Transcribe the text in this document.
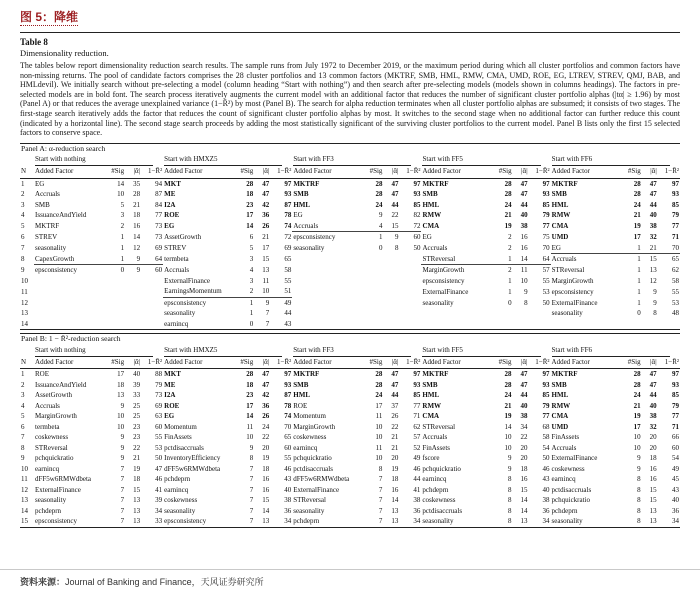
图 5：降维
Table 8
Dimensionality reduction.

The tables below report dimensionality reduction search results. The sample runs from July 1972 to December 2019, or the maximum period during which all cluster portfolios and common factors have non-missing returns. The pool of candidate factors comprises the 28 cluster portfolios and 13 common factors (MKTRF, SMB, HML, RMW, CMA, UMD, ROE, EG, LTREV, STREV, QMJ, BAB, and HMLdevil). We initially search without pre-selecting a model (column heading “Start with nothing”) and then search after pre-selecting models (models shown in columns headings). The factors in pre-selected models are in bold font. The search process iteratively augments the current model with an additional factor that reduces the number of significant cluster portfolio alphas (|tα| ≥ 1.96) by most (Panel A) or that reduces the average unexplained variance (1−R̄²) by most (Panel B). The search for alpha reduction terminates when all cluster portfolio alphas are subsumed; it consists of two stages. The first-stage search iteratively adds the factor that reduces the count of significant cluster portfolio alphas by most. It switches to the second stage when no additional factor can further reduce this count (indicated by a horizontal line). The second stage search proceeds by adding the most statistically significant of the surviving cluster portfolios to the current model. Panel B lists only the first 15 selected factors to conserve space.

Panel A: α-reduction search																				

	Start with nothing				Start with HMXZ5				Start with FF3				Start with FF5				Start with FF6			

N	Added Factor	#Sig	|ᾱ|	1−R̄²	Added Factor	#Sig	|ᾱ|	1−R̄²	Added Factor	#Sig	|ᾱ|	1−R̄²	Added Factor	#Sig	|ᾱ|	1−R̄²	Added Factor	#Sig	|ᾱ|	1−R̄²
1	EG	14	35	94	MKT	28	47	97	MKTRF	28	47	97	MKTRF	28	47	97	MKTRF	28	47	97
2	Accruals	10	28	87	ME	18	47	93	SMB	28	47	93	SMB	28	47	93	SMB	28	47	93
3	SMB	5	21	84	I2A	23	42	87	HML	24	44	85	HML	24	44	85	HML	24	44	85
4	IssuanceAndYield	3	18	77	ROE	17	36	78	EG	9	22	82	RMW	21	40	79	RMW	21	40	79
5	MKTRF	2	16	73	EG	14	26	74	Accruals	4	15	72	CMA	19	38	77	CMA	19	38	77
6	STREV	1	14	73	AssetGrowth	6	21	72	epsconsistency	1	9	60	EG	2	16	75	UMD	17	32	71
7	seasonality	1	12	69	STREV	5	17	69	seasonality	0	8	50	Accruals	2	16	70	EG	1	21	70
8	CapexGrowth	1	9	64	termbeta	3	15	65					STReversal	1	14	64	Accruals	1	15	65
9	epsconsistency	0	9	60	Accruals	4	13	58					MarginGrowth	2	11	57	STReversal	1	13	62
10					ExternalFinance	3	11	55					epsconsistency	1	10	55	MarginGrowth	1	12	58
11					EarningsMomentum	2	10	51					ExternalFinance	1	9	53	epsconsistency	1	9	55
12					epsconsistency	1	9	49					seasonality	0	8	50	ExternalFinance	1	9	53
13					seasonality	1	7	44									seasonality	0	8	48
14					earnincq	0	7	43												
Panel B: 1 − R̄²-reduction search																				

	Start with nothing				Start with HMXZ5				Start with FF3				Start with FF5				Start with FF6			

N	Added Factor	#Sig	|ᾱ|	1−R̄²	Added Factor	#Sig	|ᾱ|	1−R̄²	Added Factor	#Sig	|ᾱ|	1−R̄²	Added Factor	#Sig	|ᾱ|	1−R̄²	Added Factor	#Sig	|ᾱ|	1−R̄²
1	ROE	17	40	88	MKT	28	47	97	MKTRF	28	47	97	MKTRF	28	47	97	MKTRF	28	47	97
2	IssuanceAndYield	18	39	79	ME	18	47	93	SMB	28	47	93	SMB	28	47	93	SMB	28	47	93
3	AssetGrowth	13	33	73	I2A	23	42	87	HML	24	44	85	HML	24	44	85	HML	24	44	85
4	Accruals	9	25	69	ROE	17	36	78	ROE	17	37	77	RMW	21	40	79	RMW	21	40	79
5	MarginGrowth	10	25	63	EG	14	26	74	Momentum	11	26	71	CMA	19	38	77	CMA	19	38	77
6	termbeta	10	23	60	Momentum	11	24	70	MarginGrowth	10	22	62	STReversal	14	34	68	UMD	17	32	71
7	coskewness	9	23	55	FinAssets	10	22	65	coskewness	10	21	57	Accruals	10	22	58	FinAssets	10	20	66
8	STReversal	9	22	53	pctdisaccruals	9	20	60	earnincq	11	21	52	FinAssets	10	20	54	Accruals	10	20	60
9	pchquickratio	9	21	50	InventoryEfficiency	8	19	55	pchquickratio	10	20	49	fscore	9	20	50	ExternalFinance	9	18	54
10	earnincq	7	19	47	dFF5w6RMWdbeta	7	18	46	pctdisaccruals	8	19	46	pchquickratio	9	18	46	coskewness	9	16	49
11	dFF5w6RMWdbeta	7	18	46	pchdeprn	7	16	43	dFF5w6RMWdbeta	7	18	44	earnincq	8	16	43	earnincq	8	16	45
12	ExternalFinance	7	15	41	earnincq	7	16	40	ExternalFinance	7	16	41	pchdeprn	8	15	40	pctdisaccruals	8	15	43
13	seasonality	7	13	39	coskewness	7	15	38	STReversal	7	14	38	coskewness	8	14	38	pchquickratio	8	15	40
14	pchdeprn	7	13	34	seasonality	7	14	36	seasonality	7	13	36	pctdisaccruals	8	14	36	pchdeprn	8	13	36
15	epsconsistency	7	13	33	epsconsistency	7	13	34	pchdeprn	7	13	34	seasonality	8	13	34	seasonality	8	13	34
资料来源：Journal of Banking and Finance，天风证券研究所
